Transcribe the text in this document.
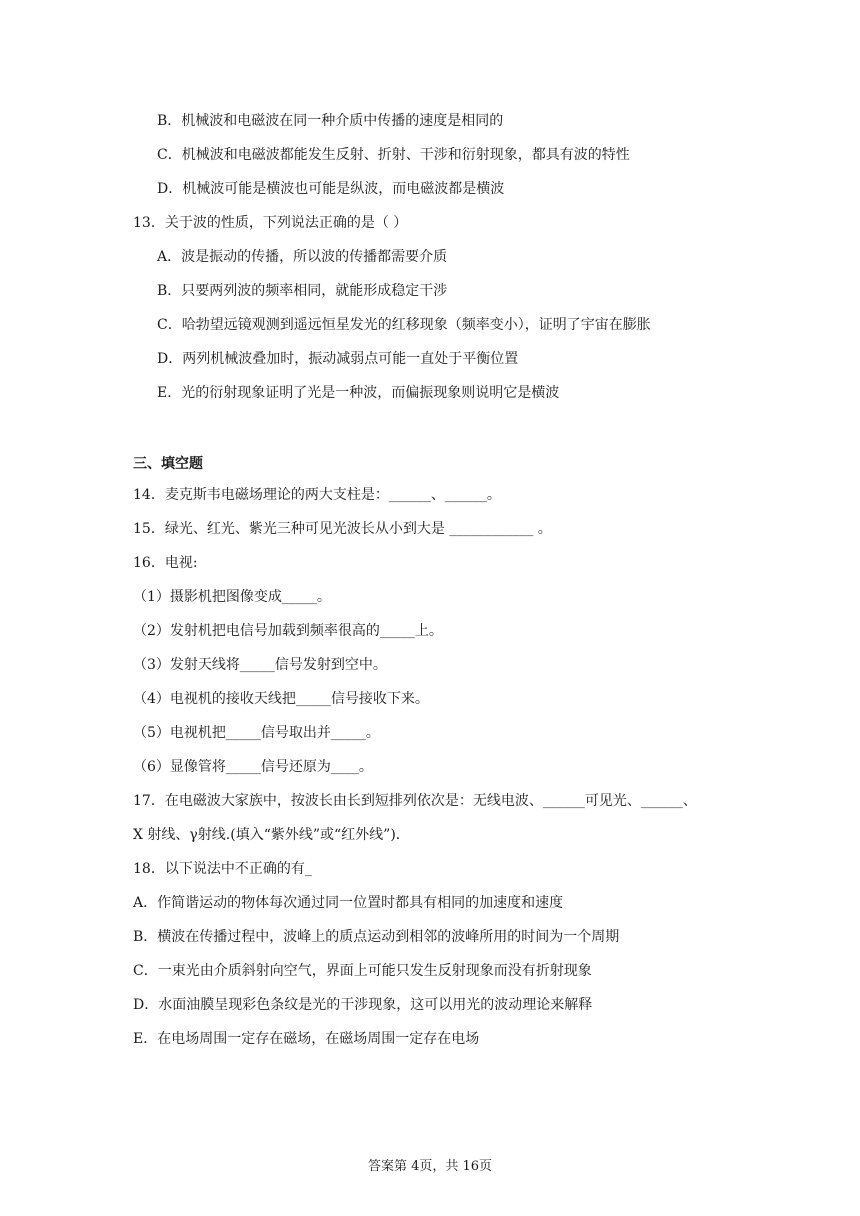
B．机械波和电磁波在同一种介质中传播的速度是相同的
C．机械波和电磁波都能发生反射、折射、干涉和衍射现象，都具有波的特性
D．机械波可能是横波也可能是纵波，而电磁波都是横波
13．关于波的性质，下列说法正确的是（ ）
A．波是振动的传播，所以波的传播都需要介质
B．只要两列波的频率相同，就能形成稳定干涉
C．哈勃望远镜观测到遥远恒星发光的红移现象（频率变小），证明了宇宙在膨胀
D．两列机械波叠加时，振动减弱点可能一直处于平衡位置
E．光的衍射现象证明了光是一种波，而偏振现象则说明它是横波
三、填空题
14．麦克斯韦电磁场理论的两大支柱是：______、______。
15．绿光、红光、紫光三种可见光波长从小到大是 ____________ 。
16．电视:
（1）摄影机把图像变成_____。
（2）发射机把电信号加载到频率很高的_____上。
（3）发射天线将_____信号发射到空中。
（4）电视机的接收天线把_____信号接收下来。
（5）电视机把_____信号取出并_____。
（6）显像管将_____信号还原为____。
17．在电磁波大家族中，按波长由长到短排列依次是：无线电波、______可见光、______、
X 射线、γ射线.(填入“紫外线”或“红外线”)．
18．以下说法中不正确的有_
A．作简谐运动的物体每次通过同一位置时都具有相同的加速度和速度
B．横波在传播过程中，波峰上的质点运动到相邻的波峰所用的时间为一个周期
C．一束光由介质斜射向空气，界面上可能只发生反射现象而没有折射现象
D．水面油膜呈现彩色条纹是光的干涉现象，这可以用光的波动理论来解释
E．在电场周围一定存在磁场，在磁场周围一定存在电场
答案第 4页，共 16页
